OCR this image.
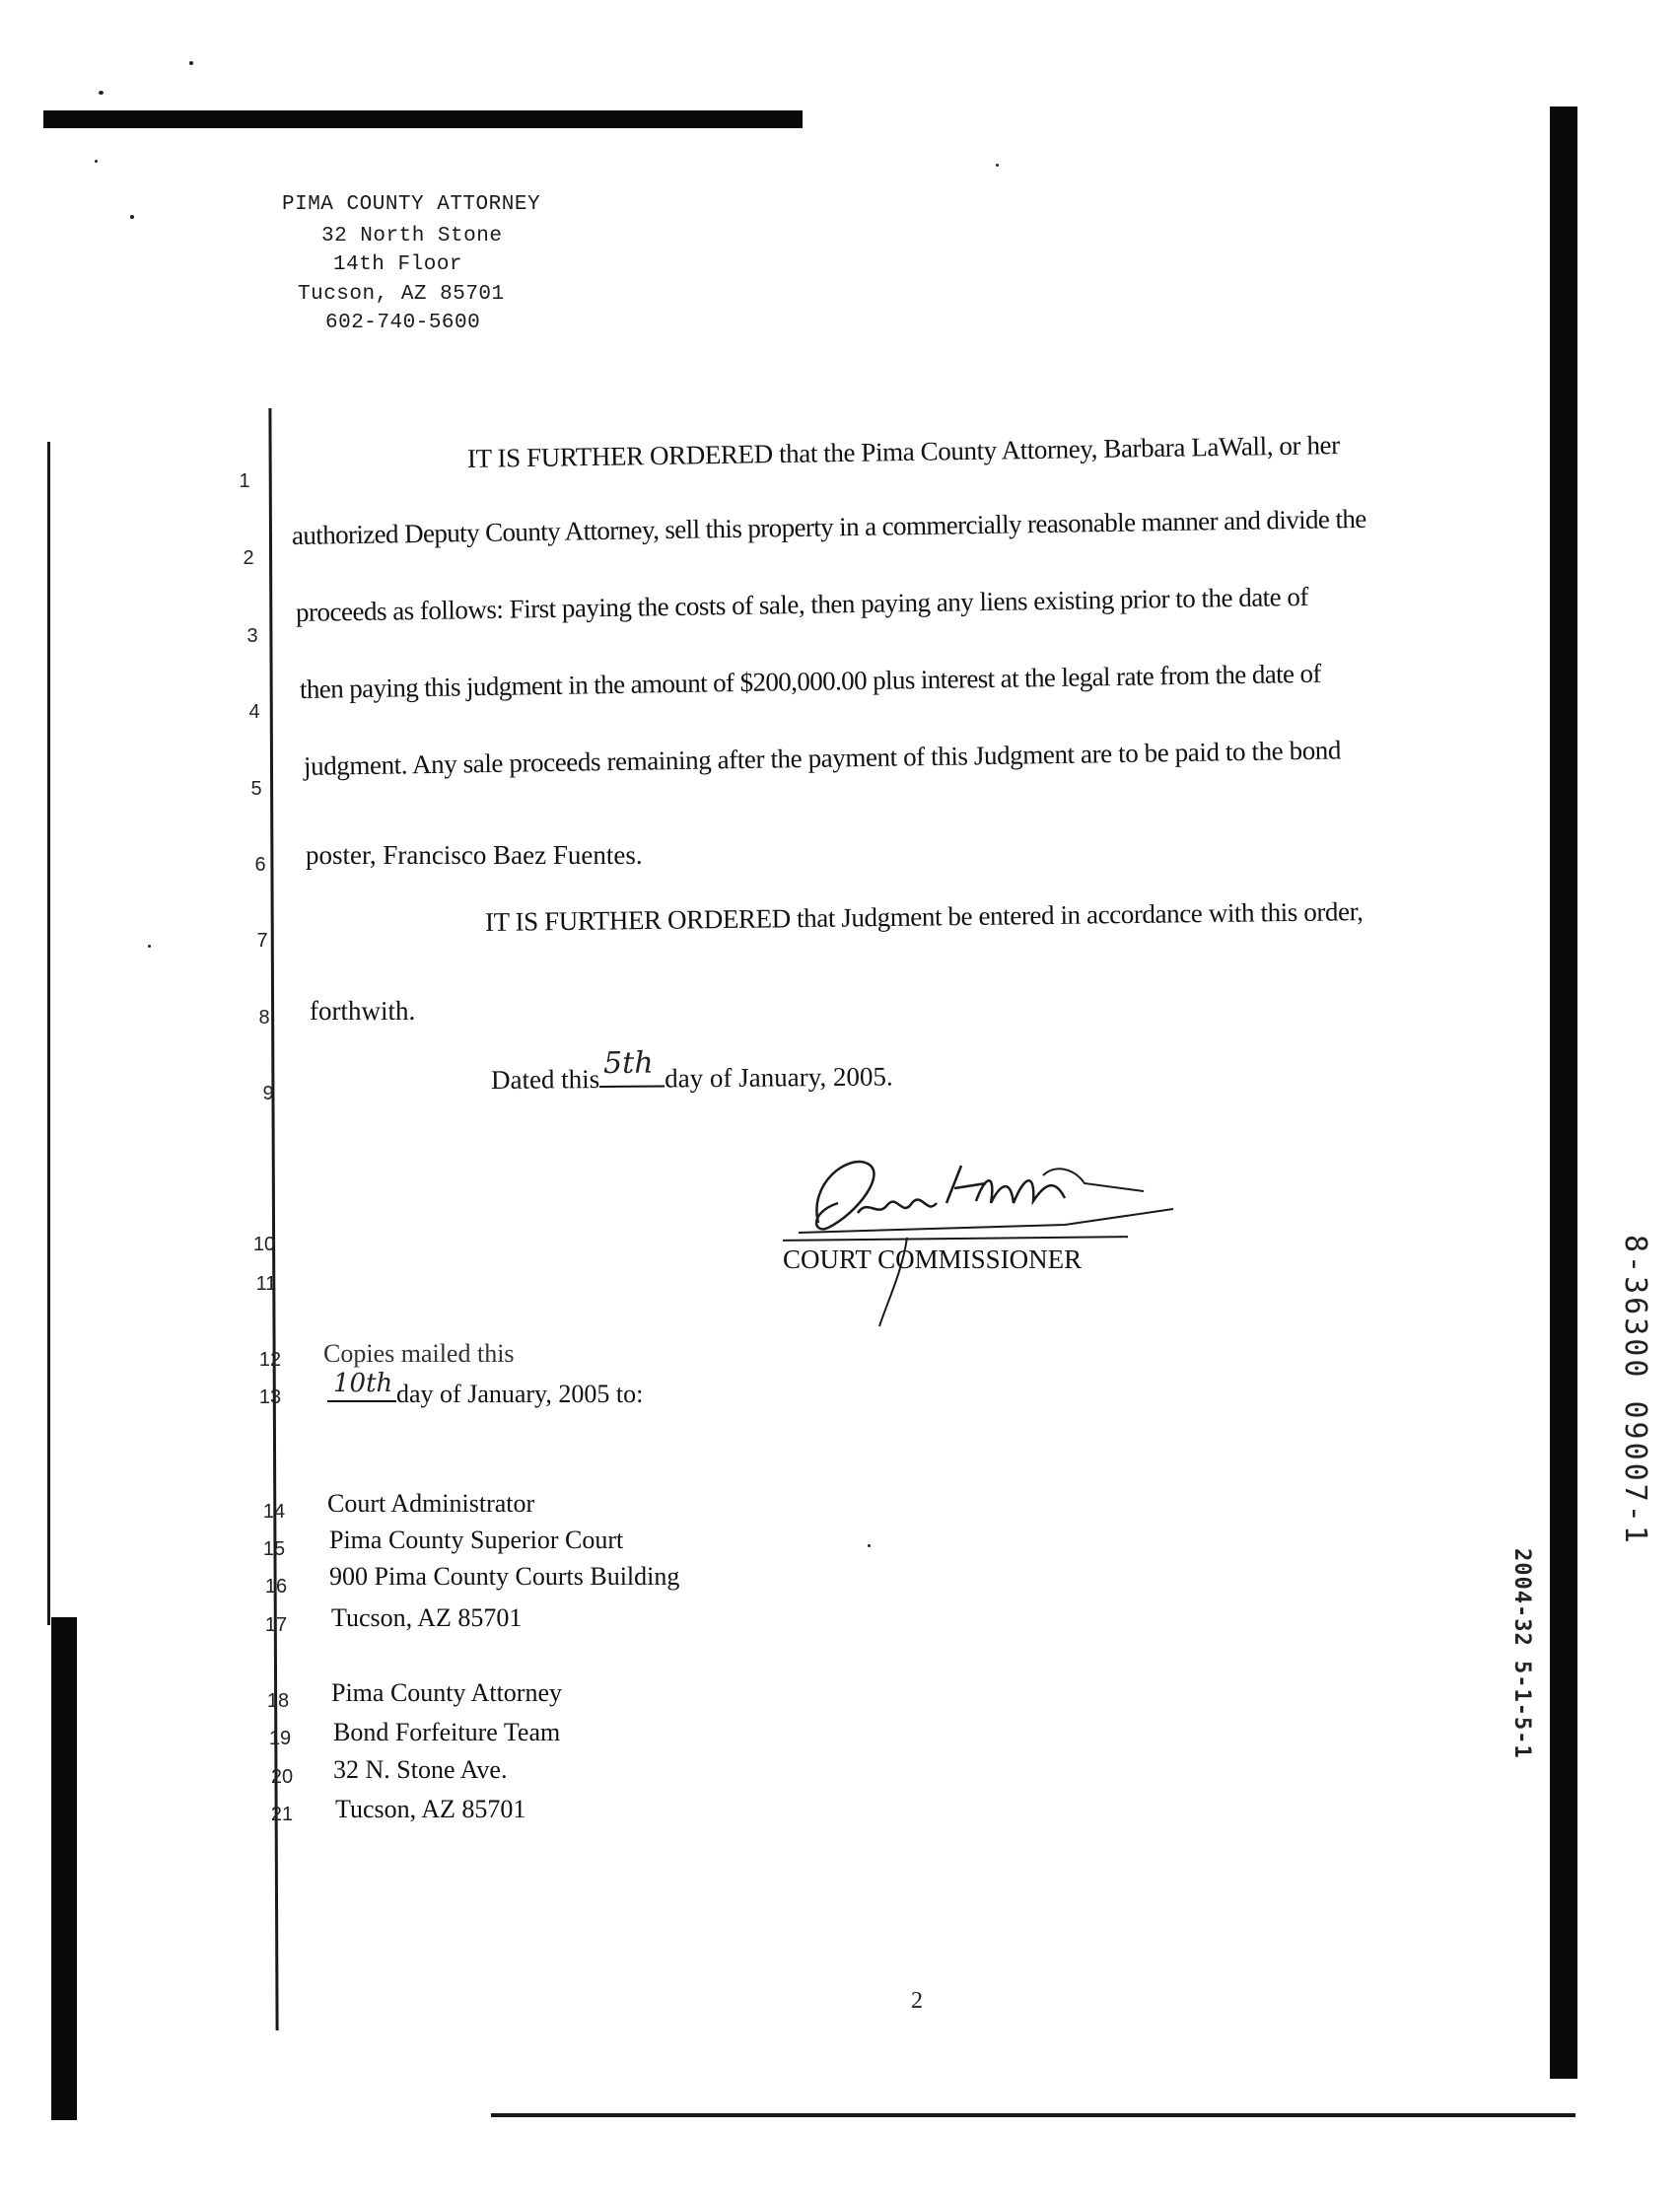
PIMA COUNTY ATTORNEY
32 North Stone
14th Floor
Tucson, AZ 85701
602-740-5600
1
2
3
4
5
6
7
8
9
10
11
12
13
14
15
16
17
18
19
20
21
IT IS FURTHER ORDERED that the Pima County Attorney, Barbara LaWall, or her
authorized Deputy County Attorney, sell this property in a commercially reasonable manner and divide the
proceeds as follows: First paying the costs of sale, then paying any liens existing prior to the date of
then paying this judgment in the amount of $200,000.00 plus interest at the legal rate from the date of
judgment. Any sale proceeds remaining after the payment of this Judgment are to be paid to the bond
poster, Francisco Baez Fuentes.
IT IS FURTHER ORDERED that Judgment be entered in accordance with this order,
forthwith.
Dated this 5th day of January, 2005.
COURT COMMISSIONER
Copies mailed this
10th day of January, 2005 to:
Court Administrator
Pima County Superior Court
900 Pima County Courts Building
Tucson, AZ 85701
Pima County Attorney
Bond Forfeiture Team
32 N. Stone Ave.
Tucson, AZ 85701
2
8-36300 09007-1
2004-32 5-1-5-1
